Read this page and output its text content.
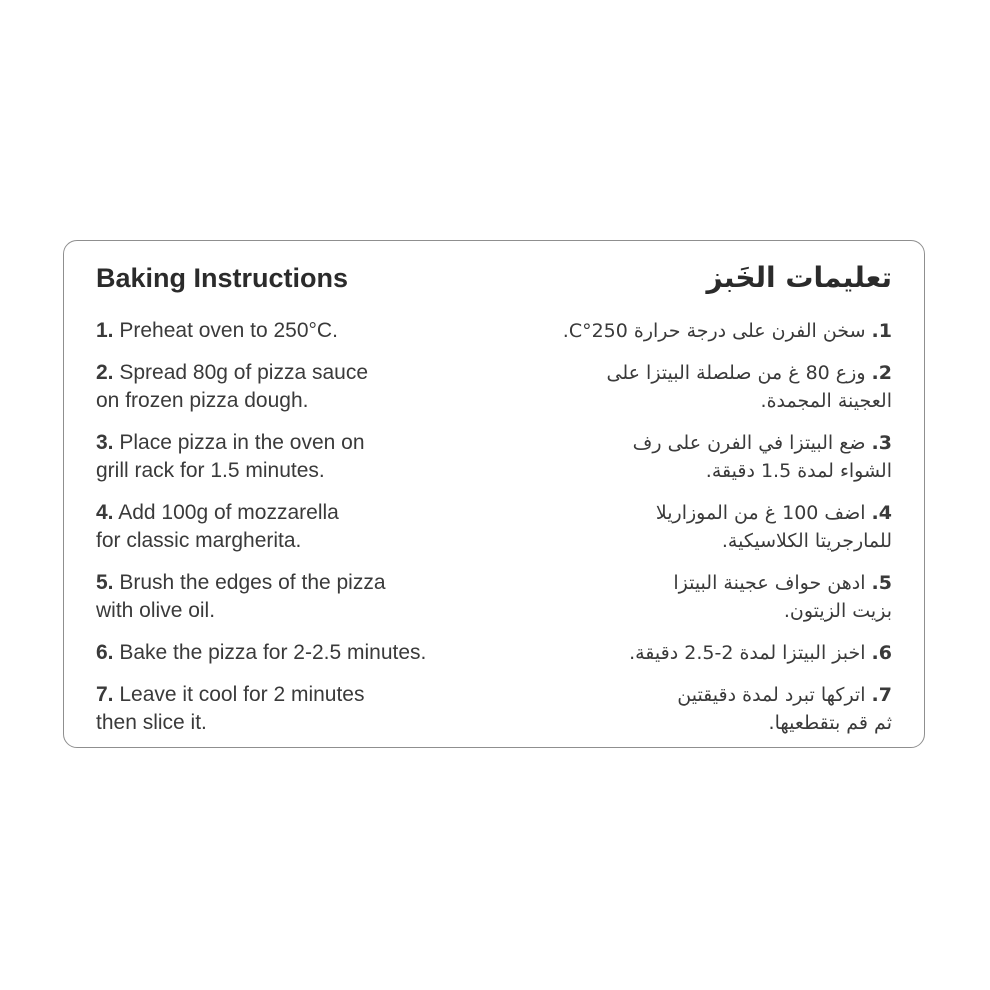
Baking Instructions
1. Preheat oven to 250°C.
2. Spread 80g of pizza sauce
on frozen pizza dough.
3. Place pizza in the oven on
grill rack for 1.5 minutes.
4. Add 100g of mozzarella
for classic margherita.
5. Brush the edges of the pizza
with olive oil.
6. Bake the pizza for 2-2.5 minutes.
7. Leave it cool for 2 minutes
then slice it.
تعليمات الخَبز
1. سخن الفرن على درجة حرارة 250°C.
2. وزع 80 غ من صلصلة البيتزا على
العجينة المجمدة.
3. ضع البيتزا في الفرن على رف
الشواء لمدة 1.5 دقيقة.
4. اضف 100 غ من الموزاريلا
للمارجريتا الكلاسيكية.
5. ادهن حواف عجينة البيتزا
بزيت الزيتون.
6. اخبز البيتزا لمدة 2-2.5 دقيقة.
7. اتركها تبرد لمدة دقيقتين
ثم قم بتقطعيها.
